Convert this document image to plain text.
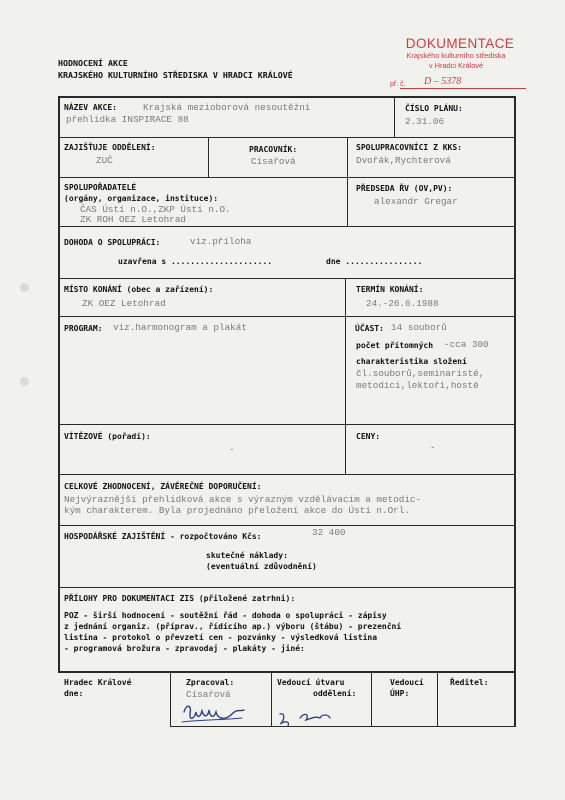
HODNOCENÍ AKCE
KRAJSKÉHO KULTURNÍHO STŘEDISKA V HRADCI KRÁLOVÉ
DOKUMENTACE
Krajského kulturního střediska
v Hradci Králové
př. č. D – 5378
NÁZEV AKCE:	Krajská mezioborová nesoutěžní
přehlídka INSPIRACE 88
ČÍSLO PLÁNU:
2.31.06
ZAJIŠŤUJE ODDĚLENÍ:
ZUČ
PRACOVNÍK:
Císařová
SPOLUPRACOVNÍCI Z KKS:
Dvořák,Rychterová
SPOLUPOŘADATELÉ
(orgány, organizace, instituce):
ČAS Ústí n.O.,ZKP Ústí n.O.
ZK ROH OEZ Letohrad
PŘEDSEDA ŘV (OV,PV):
alexandr Gregar
DOHODA O SPOLUPRÁCI:	viz.příloha
uzavřena s .....................	dne ................
MÍSTO KONÁNÍ (obec a zařízení):
ZK OEZ Letohrad
TERMÍN KONÁNÍ:
24.-26.6.1988
PROGRAM: viz.harmonogram a plakát	ÚČAST: 14 souborů
počet přítomných -cca 300
charakteristika složení
čl.souborů,seminaristé,
metodici,lektoři,hosté
VÍTĚZOVÉ (pořadí):
-
CENY:
-
CELKOVÉ ZHODNOCENÍ, ZÁVĚREČNÉ DOPORUČENÍ:
Nejvýraznější přehlídková akce s výrazným vzdělávacím a metodic-
kým charakterem. Byla projednáno přeložení akce do Ústí n.Orl.
HOSPODÁŘSKÉ ZAJIŠTĚNÍ - rozpočtováno Kčs:	32 400
skutečné náklady:
(eventuální zdůvodnění)
PŘÍLOHY PRO DOKUMENTACI ZIS (přiložené zatrhni):
POZ - širší hodnocení - soutěžní řád - dohoda o spolupráci - zápisy
z jednání organiz. (příprav., řídícího ap.) výboru (štábu) - prezenční
listina - protokol o převzetí cen - pozvánky - výsledková listina
- programová brožura - zpravodaj - plakáty - jiné:
Hradec Králové
dne:
Zpracoval:
Císařová
Vedoucí útvaru
oddělení:
Vedoucí
ÚHP:
Ředitel:
